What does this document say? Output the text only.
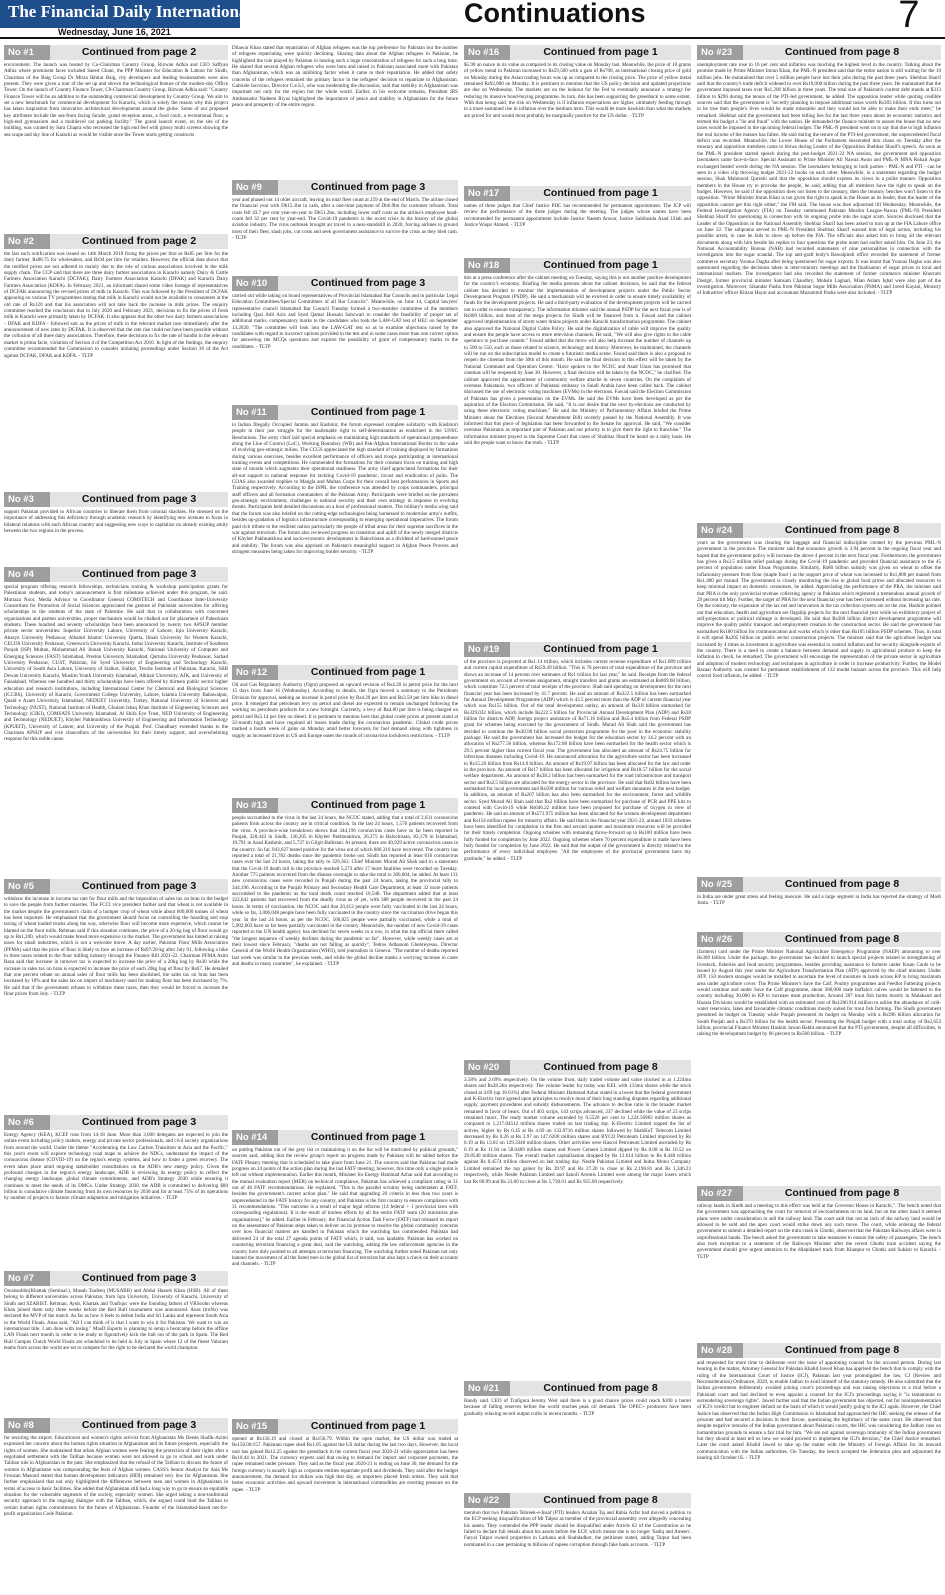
The Financial Daily International
Wednesday, June 16, 2021
Continuations	7
No #1	Continued from page 2
environment. The launch was hosted by Co-Chairman Country Group, Rizwan Adhia and CEO Saffyan Adhia where prominent faces included Saeed Ghani, the PPP Minister for Education & Labour for Sindh, Chairman of the Baig Group Dr Mirza Ikhtiar Baig, city developers and leading businessmen were also present. They were given a tour of the set up and shown the technological feature of the modern-day Office Tower. On the launch of Country Finance Tower, C0-Chairman Country Group, Rizwan Adhia said: "Country Finance Tower will be an addition to the outstanding commercial development by Country Group. We aim to set a new benchmark for commercial development for Karachi, which is solely the reason why this project has taken inspiration from innovative architectural developments around the globe. Some of our proposed key attributes include the sea-front facing facade, grand reception areas, a food court, a recreational floor, a high-end gymnasium and a multilevel car parking facility." The grand launch event, on the site of the building, was curated by Sara Chapra who recreated the high end feel with glossy multi screens showing the sea scape and sky line of Karachi as would be visible once the Tower starts getting constructs
No #2	Continued from page 2
the last such notification was issued on 14th March 2018 fixing the prices per litre as Rs85 per litre for the dairy farmer, Rs88.75 for wholesalers, and Rs94 per litre for retailers. However, the official data shows that the notified prices are not adhered to mainly due to the role of various associations involved in the milk supply chain. The CCP said that there are three dairy farmer associations in Karachi namely Dairy & Cattle Farmers Association Karachi (DCFAK); Dairy Farmers Association Karachi (DFAK) and Karachi Dairy Farmers Association (KDFA). In February 2021, an informant shared some video footage of representatives of DCFAK announcing the revised prices of milk in Karachi. This was followed by the President of DCFAK appearing on various TV programmes stating that milk in Karachi would not be available to consumers at the old rate of Rs120 and that his association will not take back the increase in milk prices. The enquiry committee reached the conclusion that in July 2020 and February 2021, decisions to fix the prices of fresh milk in Karachi were primarily taken by DCFAK. It also appears that the other two dairy farmers associations - DFAK and KDFA - followed suit as the prices of milk in the relevant market rose immediately after the announcement of new rates by DCFAK. It is observed that the rate rise could not have been possible without the collusion of all three dairy associations. Therefore, these decisions to fix the rate of bandhi in the relevant market is prima facie, violation of Section 4 of the Competition Act 2010. In light of the findings, the enquiry committee recommended the Commission to consider initiating proceedings under Section 30 of the Act against DCFAK, DFAK and KDFA. - TLTP
No #3	Continued from page 3
support Pakistan provided to African countries to liberate them from colonial shackles. He stressed on the importance of addressing this deficiency through academic research by identifying new avenues to focus in bilateral relations with each African country and suggesting new ways to capitalize on already existing amity between the two regions in the process.
No #4	Continued from page 3
special program offering research fellowships, technicians training & workshop participation grants for Palestinian students, and today's announcement is first milestone achieved under this program, he said. Murtaza Noor, Media Advisor to Coordinator General COMSTECH and Coordinator Inter-University Consortium for Promotion of Social Sciences appreciated the gesture of Pakistani universities for offering scholarships to the students of the state of Palestine. He said that in collaboration with concerned organizations and partner universities, proper mechanism would be chalked out for placement of Palestinian students. These hundred and seventy scholarships have been announced by twenty two APSUP member private sector universities: Superior University Lahore, University of Lahore, Iqra University Karachi, Abasyn University Peshawar, Alhamd Islamic University Quetta, Ilmah University for Women Karachi, CECOS University Peshawar, Greenwich University Karachi, Indus University Karachi, Institute of Southern Punjab (ISP) Multan, Mohammad Ali Jinnah University Karachi, National University of Computer and Emerging Sciences (FAST) Islamabad, Preston University Islamabad, Qurtuba University Peshawar, Sarhad University Peshawar, CUST, Pakistan, Sir Syed University of Engineering and Technology Karachi, University of South Asia Lahore, University of Sialkot, Sialkot, Textile Institute of Pakistan, Karachi, SBB Dewan University Karachi, Muslim Youth University Islamabad, Alkhair University, AJK, and University of Faisalabad. Whereas one hundred and thirty scholarships have been offered by thirteen public sector higher education and research institutions, including International Center for Chemical and Biological Sciences (ICCBS), University of Karachi, Government College University, Lahore, Islamia University Bahawalpur, Quaid e Azam University, Islamabad, NEDUET University, Turkey, National University of Sciences and Technology (NUST), National Institute of Health, Ghulam Ishaq Khan Institute of Engineering Sciences and Technology (GIKI), COMSATS University Islamabad, Al Shifa Eye Trust, NED University of Engineering and Technology (NEDUET), Khyber Pakhtunkhwa University of Engineering and Information Technology (KPUEIT), University of Lahore, and University of the Punjab. Prof. Chaudhary extended thanks to the Chairman APSUP and vice chancellors of the universities for their timely support, and overwhelming response for this noble cause.
No #5	Continued from page 3
withdraw the increase in income tax rate for flour mills and the imposition of sales tax on bran in the budget to save the people from further miseries. The FCCI vice president further said that wheat is not available in the market despite the government's claim of a bumper crop of wheat while about 600,000 tonnes of wheat has been imported. He emphasised that the government should focus on controlling the hoarding and stop taxing of wheat loaded trucks along the way, otherwise flour will become more expensive, which cannot be blamed on the flour mills. Rehman said if this situation continues, the price of a 20-kg bag of flour would go up to Rs1,200, which would make bread more expensive in the market. The government has hinted at raising taxes for small industries, which is not a welcome move. A day earlier, Pakistan Flour Mills Association (PFMA) said that the price of flour is likely to face an increase of Rs97/20-kg after July 01, following a hike in three taxes related to the flour milling industry through the Finance Bill 2021-22. Chairman PFMA Asim Raza said that increase in turnover tax is expected to increase the price of a 20kg bag by Rs30 while the increase in sales tax on bran is expected to increase the price of each 20kg bag of flour by Rs67. He detailed that one percent rebate on annual sales of flour mills has been abolished, the sales tax on bran has been increased by 10% and the sales tax on import of machinery used for making flour has been increased by 7%. He said that if the government refuses to withdraw these taxes, then they would be forced to increase the flour prices from July. - TLTP
No #6	Continued from page 3
Energy Agency (KEA), KCEF runs from 14-18 June. More than 3,000 delegates are expected to join the online event including policy makers, energy and private sector professionals, and civil society organizations from around the world. Under the theme "Accelerating the Low Carbon Transition in Asia and the Pacific," this year's event will explore technology road maps to achieve the NDCs, understand the impact of the coronavirus disease (COVID-19) on the region's energy systems, and how to foster a green recovery. The event takes place amid ongoing stakeholder consultations on the ADB's new energy policy. Given the profound changes in the region's energy landscape, ADB is reviewing its energy policy to reflect the changing energy landscape, global climate commitments, and ADB's Strategy 2030 while ensuring it continues to meet the needs of its DMCs. Under Strategy 2030, the ADB is committed to delivering $80 billion in cumulative climate financing from its own resources by 2030 and for at least 75% of its operations by number of projects to feature climate adaptation and mitigation initiatives. - TLTP
No #7	Continued from page 3
Owaisuddin(Khattak (Seminal.), Musab Taufeeq (MUSABB) and Abdul Hasseb Khan (HSB). All of them belong to different universities across Pakistan, from Iqra University, University of Karachi, University of Sindh and SZABIST. Rehman, Ayub, Khattak and Toufiquc were the founding fathers of VRSoobn whereas Khan joined them only three weeks before the Red Bull tournament was announced. Anas (trnNs) was declared the MVP of the match. As far as how it feels to defeat India and Sri Lanka and represent South Asia in the World Finals, Anas said, "All I can think of is that I want to win it for Pakistan. We want to win an international title. I am done with losing." MasD Esports is planning to setup a bootcamp before the offline LAN Finals next month in order to be ready to figuratively kick the ball out of the park in Spain. The Red Bull Campus Clutch World Finals are scheduled to be held in July in Spain where 12 of the finest Valorant teams from across the world are set to compete for the right to be declared the world champion.
No #8	Continued from page 3
for securing the airport. Educationist and women's rights activist from Afghanistan Ms Deeda Shafik-Azimi expressed her concern about the human rights situation in Afghanistan and its future prospects, especially the rights of women. She maintained that urban Afghan women were fearing the protection of their rights after a negotiated settlement with the Taliban because women were not allowed to go to school and work under Taliban rule in Afghanistan in the past. She emphasized that the refusal of the Taliban to discuss the future of women in Afghanistan was compounding the fears of Afghan women. CASS's Senior Analyst for Asia Ms Frouzan Masoud stated that human development indicators (HDI) remained very low for Afghanistan. She further emphasized that not only highlighted the differences between men and women in Afghanistan in terms of access to basic facilities. She added that Afghanistan still had a long way to go to ensure an equitable situation for the vulnerable segments of the society, especially women. She urged taking a non-traditional security approach to the ongoing dialogue with the Taliban, which, she argued could bind the Taliban to certain human rights commitments for the future of Afghanistan. Founder of the Islamabad-based not-for-profit organization Code Pakistan
Dilawar Khan stated that repatriation of Afghan refugees was the top preference for Pakistan but the number of refugees repatriating were quickly declining. Sharing data about the Afghan refugees in Pakistan, he highlighted the role played by Pakistan in hosting such a large concentration of refugees for such a long time. He shared that several Afghan refugees who were born and raised in Pakistan associated more with Pakistan than Afghanistan, which was an inhibiting factor when it came to their repatriation. He added that safety concerns of the refugees remained the primary factor in the refugees' decision to repatriate to Afghanistan. Gabriele Iacovino, Director C.e.S.I, who was moderating the discussion, said that stability in Afghanistan was important not only for the region but the whole world. Earlier, in his welcome remarks, President IRS Ambassador Nadeem Riyaz highlighted the importance of peace and stability in Afghanistan for the future peace and prosperity of the entire region.
No #9	Continued from page 3
year and phased out 14 older aircraft, leaving its total fleet count at 259 at the end of March. The airline closed the financial year with Db15.1bn in cash, after a one-time payment of Dh6.9bn for customer refunds. Total costs fell 43.7 per cent year-on-year to Dh51.2bn, including lower staff costs as the airline's employee head-count fell 32 per cent by year-end. The Covid-19 pandemic is the worst crisis in the history of the global aviation industry. The virus outbreak brought air travel to a near-standstill in 2020, forcing airlines to ground most of their fleet, slash jobs, cut costs and seek government assistance to survive the crisis as they bled cash. - TLTP
No #10	Continued from page 3
carried out while taking on board representatives of Provincial Islamabad Bar Councils and in particular Legal Education Committees/Special Committees of all Bar Councils". Meanwhile, on June 14, Capital lawyers' representative council Islamabad Bar Council Tuesday formed a two-member committee of the members including Qazi Adil Aziz and Syed Qamar Hussain Sabzwari to consider the feasibility of proper set of additional marks, compensatory marks to the candidates who took the LAW-GAT test of HEC on September 13,2020. "The committee will look into the LAW-GAT test so as to examine objections raised by the candidates with regard to incorrect options provided in the test and in some cases more than one correct option for answering the MCQs questions and explore the possibility of grant of compensatory marks to the candidates. - TLTP
No #11	Continued from page 1
in Indian Illegally Occupied Jammu and Kashmir, the forum expressed complete solidarity with Kashmiri people in their just struggle for the inalienable right to self-determination as enshrined in the UNSC Resolutions. The army chief laid special emphasis on maintaining high standards of operational preparedness along the Line of Control (LoC), Working Boundary (WB) and Pak-Afghan International Border in the wake of evolving geo-strategic milieu. The CCGS appreciated the high standard of training displayed by formations during various exercises, besides excellent performance of officers and troops participating in international training events and competitions. He commended the formations for their constant focus on training and high state of morale which augments their operational readiness. The army chief appreciated formations for their all-out support to national response for tackling Covid-19 pandemic, locust and eradication of polio. The COAS also awarded trophies to Mangla and Multan Corps for their overall best performances in Sports and Training respectively. According to the ISPR, the conference was attended by corps commanders, principal staff officers and all formation commanders of the Pakistan Army. Participants were briefed on the prevalent geo-strategic environment, challenges to national security and their own strategy in response to evolving threats. Participants held detailed discussions on a host of professional matters. The military's media wing said that the forum was also briefed on the cutting-edge technologies being harnessed to modernise army's outfits, besides up-gradation of logistics infrastructure corresponding to emerging operational imperatives. The forum paid rich tribute to the resilient nation particularly the people of tribal areas for their supreme sacrifices in the war against terrorism. The forum also reviewed progress on transition and uplift of the newly merged districts of Khyber Pakhtunkhwa and socio-economic development in Balochistan as a dividend of hard-earned peace and stability. The forum was also apprised on Pakistan's meaningful support to Afghan Peace Process and stringent measures being taken for improving border security. - TLTP
No #12	Continued from page 1
Oil and Gas Regulatory Authority (Ogra) proposed an upward revision of Rs4.20 in petrol price for the next 15 days from June 16 (Wednesday). According to details, the Ogra moved a summary to the Petroleum Division for approval, seeking an increase in petrol price by Rs4.20 per litre and Rs3.50 per litre hike in diesel price. It emerged that petroleum levy on petrol and diesel are expected to remain unchanged following the working on petroleum products for a new fortnight. Currently, a levy of Rs4.80 per litre is being charged on petrol and Rs5.14 per litre on diesel. It is pertinent to mention here that global crude prices at present stand at 32-month high and have regained all losses made during the coronavirus pandemic. Global crude prices marked a fourth week of gains on Monday amid better forecasts for fuel demand along with tightness in supply as increased travel in US and Europe eases the rounds of coronavirus lockdown restrictions. - TLTP
No #13	Continued from page 1
people succumbed to the virus in the last 24 hours, the NCOC stated, adding that a total of 2,631 coronavirus patients from across the country are in critical condition. In the last 24 hours, 1,576 patients recovered from the virus. A province-wise breakdown shows that 344,196 coronavirus cases have so far been reported in Punjab, 328,443 in Sindh, 136,205 in Khyber Pakhtunkhwa, 26,275 in Balochistan, 82,170 in Islamabad, 19,791 in Azad Kashmir, and 5,727 in Gilgit-Baltistan. At present, there are 40,929 active coronavirus cases in the country. So far, 943,627 tested positive for the virus out of which 880,316 have recovered. The country has reported a total of 21,782 deaths since the pandemic broke out. Sindh has reported at least 616 coronavirus cases over the last 24 hours, taking the tally to 329,362. Chief Minister Murad Ali Shah said in a statement that the Covid-19 death toll in the province reached 5,273 after 17 more fatalities were recorded on Tuesday. Another 775 patients recovered from the disease overnight to take the total to 300,804, he added. At least 131 new coronavirus cases were recorded in Punjab during the past 24 hours, taking the provincial tally to 344,196. According to the Punjab Primary and Secondary Health Care Department, at least 32 more patients succumbed to the pandemic as the total death count reached 10,548. The department added that at least 322,642 patients had recovered from the deadly virus as of yet, with 388 people recovered in the past 24 hours. In terms of vaccination, the NCOC said that 20,412 people were fully vaccinated in the last 24 hours, while so far, 3,006,048 people have been fully vaccinated in the country since the vaccination drive began this year. In the last 24 hours, as per the NCOC, 568,825 people were partially vaccinated, while a total of 5,902,003 have so far been partially vaccinated in the country. Meanwhile, the number of new Covid-19 cases reported to the UN health agency has declined for seven weeks in a row, in what the top official there called "the longest sequence of weekly declines during the pandemic so far". However, while weekly cases are at their lowest since February, "deaths are not falling as quickly", Tedros Adhanom Ghebreyesus, Director General of the World Health Organization (WHO), told journalists in Geneva. "The number of deaths reported last week was similar to the previous week, and while the global decline masks a worrying increase in cases and deaths in many countries", he explained. - TLTP
No #14	Continued from page 1
on putting Pakistan out of the grey list or maintaining it on the list will be motivated by political grounds," sources said, adding that the review group's report on progress made by Pakistan will be tabled before the FATF Plenary meeting that is scheduled to take place from June 21. The sources said that Pakistan had made progress on 24 points of the action plan during the last FATF meeting; however, this time only a single point is left out without implementation. Earlier this month, Minister for Energy Hammad Azhar said that according to the mutual evaluation report (MER) on technical compliance, Pakistan has achieved a compliant rating in 31 out of 40 FATF recommendations. He explained, "This is the parallel scrutiny being undertaken at FATF, besides the government's current action plan." He said that upgrading 20 criteria in less than two years is unprecedented in the FATF history for any country, and Pakistan is the first country to ensure compliance with 31 recommendations. "This outcome is a result of major legal reforms (14 federal + 1 provincial laws with corresponding regulations). It is the result of tireless efforts by all the entire FATF team (20 ministries plus organisations)," he added. Earlier in February, the Financial Action Task Force (FATF) had released its report on the assessment of Pakistan steps taken to deliver on its promise to resolve the global community concerns over how financial matters are handled in Pakistan which the watchdog has commended. Pakistan had delivered 24 of the total 27 agenda points of FATF which, it said, was laudable. Pakistan has worked on countering terrorism financing a great deal, said the watchdog, adding the law enforcement agencies in the country have duly pointed to all attempts at terrorism financing. The watchdog further noted Pakistan not only banned the movement of all the listed men in the global list of terrorists but also kept a check on their accounts and channels. - TLTP
No #15	Continued from page 1
opened at Rs156.19 and closed at Rs156.79. Within the open market, the US dollar was traded at Rs156.00/157. Pakistani rupee shed Rs1.05 against the US dollar during the last two days. However, the local unit has gained Rs12.25 against the greenback in the current fiscal year 2020-21 while appreciation has been Rs10.44 in 2021. The currency experts said that owing to demand for import and corporate payments, the rupee remained under pressure. They said as the fiscal year 2020-21 is ending on June 30, the demand for the foreign currency is usually high as corporate entities repatriate profit and dividends. They said after the budget announcement, the demand for dollars was high that day, as importers placed fresh orders. They said that better economic activities and upward movement in international commodities are exerting pressure on the rupee. - TLTP
No #16	Continued from page 1
$5.90 an ounce in its value as compared to its closing value on Monday last. Meanwhile, the price of 10 grams of yellow metal in Pakistan increased to Rs59,500 with a gain of Rs700, as international closing price of gold on Monday during the Asian trading hours was up as compared to the closing price. The price of yellow metal remained Rs92,800 on Monday. It is pertinent to mention that the US policy decision and updated projections are due on Wednesday. The markets are on the lookout for the Fed to eventually announce a strategy for reducing its massive bond-buying programme. In turn, this has been supporting the greenback to some extent. With that being said, the risk on Wednesday is if inflation expectations are higher, ultimately feeding through to a more sustained rise in inflation over the medium term. This would be more hawkish than what the markets are priced for and would most probably be marginally positive for the US dollar. - TLTP
No #17	Continued from page 1
names of three judges that Chief Justice PHC has recommended for permanent appointment. The JCP will review the performance of the three judges during the meeting. The judges whose names have been recommended for permanent appointment include Justice Naeem Anwar, Justice Sahibzada Asad Ullah and Justice Waqar Ahmed. - TLTP
No #18	Continued from page 1
this at a press conference after the cabinet meeting on Tuesday, saying this is not another positive development for the country's economy. Briefing the media persons about the cabinet decisions, he said that the federal cabinet has decided to monitor the implementation of development projects under the Public Sector Development Program (PSDP). He said a mechanism will be evolved in order to ensure timely availability of funds for the development projects. He said a third-party evaluation of the development projects will be carried out in order to ensure transparency. The information minister said the annual PSDP for the next fiscal year is of Rs900 billion, and most of the mega projects for Sindh will be financed from it. Fawad said the cabinet approved implementation of storm water drains projects under Karachi transformation programme. The cabinet also approved the National Digital Cable Policy. He said the digitalization of cable will improve the quality and ensure the people have access to more television channels. He said, "We will also give rights to the cable operators to purchase content." Fawad added that the move will also help increase the number of channels up to 500 to 550, such as those related to science, technology and history. Moreover, he maintained, the channels will be run on the subscription model to create a futuristic media scene. Fawad said there is also a proposal to reopen the cinemas from the 30th of this month. He said the final decision to this effect will be taken by the National Command and Operation Centre. "Have spoken to the NCOC and Asad Umar has promised that cinemas will be reopened by June 30. However, a final decision will be taken by the NCOC," he clarified. The cabinet approved the appointment of community welfare attache in seven countries. On the complaints of overseas Pakistanis, two officers of Pakistani embassy in Saudi Arabia have been called back. The cabinet discussed the use of electronic voting machines (EVMs) in the elections. Fawad said the Election Commission of Pakistan has given a presentation on the EVMs. He said the EVMs have been developed as per the aspiration of the Election Commission. He said, "It is our desire that the next by-elections are conducted by using these electronic voting machines." He said the Ministry of Parliamentary Affairs briefed the Prime Minister about the Elections (Second Amendment Bill) recently passed by the National Assembly. It was informed that this piece of legislation has been forwarded to the Senate for approval. He said, "We consider overseas Pakistanis as important part of Pakistan and our priority is to give them the right to franchise." The information minister prayed to the Supreme Court that cases of Shahbaz Sharif be heard on a daily basis. He said the people want to know the truth. - TLTP
No #19	Continued from page 1
of the province is projected at Rs1.14 trillion, which includes current revenue expenditure of Rs1.089 trillion and current capital expenditure of Rs59.49 billion. "This is 78 percent of total expenditure of the province and shows an increase of 14 percent over estimates of Rs1 trillion for last year," he said. Receipts from the federal government on account of revenue assignment, straight transfers and grants are estimated at Rs869.68 billion, which constitute 72.5 percent of total receipts of the province. Shah said spending on development for the next financial year has been increased by 41.7 percent. He said an amount of Rs222.5 billion has been earmarked for Annual Development Programme (ADP) which is 43.5 percent more than the ADP of current financial year which was Rs155 billion. Out of the total development outlay, an amount of Rs3.8 billion earmarked for Rs329.032 billion, which include Rs222.5 billion for Provincial Annual Development Plan (ADP) and Rs30 billion for districts ADP, foreign project assistance of Rs71.16 billion and Rs5.4 billion from Federal PSDP grant for schemes being executed by the government of Sindh. Murad Ali Shah said the government has decided to continue the Rs30.90 billion social protection programme for the poor in the economic stability package. He said the government has increased the budget for the education sector by 14.2 percent with an allocation of Rs277.56 billion, whereas Rs172.08 billion have been earmarked for the health sector which is 29.5 percent higher than current fiscal year. The government has allocated an amount of Rs24.75 billion for infectious diseases including Covid-19. He announced allocation for the agriculture sector has been increased to Rs15.26 billion from Rs14.8 billion. An amount of Rs19.97 billion has been allocated for the law and order in the province. An amount of Rs17 billion has been allocated for irrigation and Rs18.57 billion for the social welfare department. An amount of Rs38.2 billion has been earmarked for the road infrastructure and transport sector and Rs2.5 billion are allocated for the energy sector in the province. He said that Rs82 billion have been earmarked for local government and Rs500 million for various relief and welfare measures in the next budget. In addition, an amount of Rs207 billion has also been earmarked for the environment, forest and wildlife sector. Syed Murad Ali Shah said that Rs2 billion have been earmarked for purchase of PCR and PPE kits to contend with Covid-19 while Rs646.22 million have been proposed for purchase of oxygen in view of pandemic. He said an amount of Rs571.975 million has been allocated for the women development department and Rs154 million rupees for minority affairs. He said that in the financial year 2021-22, around 1033 schemes have been identified for completion in the first and second quarter and maximum resources will be provided for their timely completion. Ongoing schemes with remaining throw-forward up to Rs100 million have been fully funded for completion by June 2022. Ongoing schemes where 70 percent expenditure is made have been fully funded for completion by June 2022. He said that the output of the government is directly related to the performance of every individual employee. "All the employees of the provincial government have my gratitude," he added. - TLTP
No #20	Continued from page 8
3.58% and 2.69% respectively. On the volume front, daily traded volume and value clocked in at 1.224mn shares and Rs28.2bn respectively. The volume leader for today was KEL with 133mn shares while the stock closed at 4.69 (up 16.61%) after Federal Minister Hammad Azhar stated in a tweet that the federal government and K-Electric have agreed upon principles to resolve most of their long standing disputes regarding additional supply, payment procedures and subsidy disbursements. The advance to decline ratio in the broader market remained in favor of bears. Out of 403 scrips, 143 scrips advanced, 237 declined while the value of 23 scrips remained intact. The ready market volume ascended by 0.5520 per cent to 1,224.56983 million shares as compared to 1,217.84512 million shares traded on last trading day. K-Electric Limited topped the list of actives, higher by Rs 0.45 at Rs 4.69 on 133.9716 million shares followed by ShahKoT Telecom Limited decreased by Rs 0.26 at Rs 3.97 on 147.6200 million shares and BYCO Petroleum Limited improved by Rs 0.19 at Rs 13.02 on 129.3340 million shares. Other activities were Hascol Petroleum Limited ascended by Rs 0.19 at Rs 11.94 on 58.0489 million shares and Power Cement Limited dipped by Rs 0.08 at Rs 10.52 on 29.8540 million shares. The overall market capitalization dropped by Rs 12.614 billion to Rs 8.448 trillion against Rs 8.4574 trillion observed on last trading day. Nestle Pakistan Limited and Indus Motor Company Limited remained the top gainer by Rs 39.97 and Rs 27.20 to close at Rs 2,196.81 and Rs 1,346.23 respectively, while Nestle Pakistan Limited and Sanofi Aventis Limited were among the major losers which lost Rs 68.99 and Rs 23.00 to close at Rs 5,730.01 and Rs 955.00 respectively.
No #21	Continued from page 8
Handy said. CEO of Trafigura Jeremy Weir said there is a good chance prices could reach $100 a barrel because of falling reserves before the world reaches peak oil demand. The OPEC+ producers have been gradually relaxing record output curbs in recent months. - TLTP
No #22	Continued from page 8
mention that two Pakistan Tehreek-e-Insaf (PTI) leaders Arsalan Taj and Rabia Azfar had moved a petition in the ECP seeking disqualification of Mr Talpur as member of the provincial assembly over allegedly concealing his assets. They contended the PPP leader should be disqualified under Article 62 of the Constitution as he failed to declare full details about his assets before the ECP, which means she is no longer 'Sadiq and Ameen'. Faryal Talpur owned properties in Larkana and Shahdadkot, the petitioner stated, adding Talpur had been nominated in a case pertaining to billions of rupees corruption through fake bank accounts. - TLTP
No #23	Continued from page 8
unemployment rate rose to 16 per cent and inflation was touching the highest level in the country. Talking about the promise made by Prime Minister Imran Khan, the PML-N president said that the entire nation is still waiting for the 10 million jobs. He maintained that over 5 million people have lost their jobs during the past three years. Shehbaz Sharif said that the country's trade deficit widened to over Rs10,000 billion during the past three years. He maintained that the government imposed taxes over Rs1,200 billion in three years. The total size of Pakistan's current debt stands at $313 billion to $296 during the tenure of the PTI-led government, he added. The opposition leader while quoting credible sources said that the government is "secretly planning to impose additional taxes worth Rs383 billion. If this turns out to be true then people's lives would be made miserable and they would not be able to make their ends meet," he remarked. Shehbaz said the government had been telling lies for the last three years about its economic statistics and termed the budget a "lie and fraud" with the nation. He demanded the finance minister to assure the house that no new taxes would be imposed in the upcoming federal budget. The PML-N president went on to say that due to high inflation the real income of the masses has fallen. He said during the tenure of the PTI-led government, the unprecedented fiscal deficit was recorded. Meanwhile, the Lower House of the Parliament descended into chaos on Tuesday after the treasury and opposition members came to blows during Leader of the Opposition Shehbaz Sharif's speech. As soon as the PML-N president started speech during the post-budget 2021-22 NA session, the government and opposition lawmakers came face-to-face. Special Assistant to Prime Minister Ali Nawaz Awan and PML-N MNA Rohail Asgar exchanged heated words during the NA session. The lawmakers belonging to both parties - PML-N and PTI - can be seen in a video clip throwing budget 2021-22 books on each other. Meanwhile, in a statement regarding the budget session, Shah Mahmood Qureshi said that the opposition should express its views in a polite manner. Opposition members in the House try to provoke the people, he said, adding that all members have the right to speak on the budget. However, he said if the opposition does not listen to the treasury, then the treasury benches won't listen to the opposition. "Prime Minister Imran Khan is not given the right to speak in the House as its leader, then the leader of the opposition cannot get this right either," the FM said. The house was then adjourned till Wednesday. Meanwhile, the Federal Investigation Agency (FIA) on Tuesday summoned Pakistan Muslim League-Nawaz (PML-N) President Shehbaz Sharif for questioning in connection with its ongoing probe into the sugar scam. Sources disclosed that the Leader of the Opposition in the National Assembly Shehbaz Sharif has been asked to turn up at the FIA Lahore office on June 22. The subpoena served to PML-N President Shehbaz Sharif warned him of legal action, including his possible arrest, in case he fails to show up before the FIA. The officials also asked him to bring all the relevant documents along with him beside his replies to four questions the probe team had earlier asked him. On June 23, the National Accountability Bureau (NAB) had recorded statements of nine personalities in connection with the investigation into the sugar scandal. The top anti-graft body's Rawalpindi office recorded the statement of former commerce secretary Younus Dagha after being questioned for sugar exports. It was learnt that Younus Dagha was also questioned regarding the decisions taken in inter-ministry meetings and the finalisation of sugar prices in local and international markets. The investigators had also recorded the statement of former commerce minister Khurram Dastgir, former provincial minister Samsam Chaudhry, Mohsin Laghari, Mian Aslam Iqbal were also part of the investigation. Moreover, Sikandar Pasha from Pakistan Sugar Mills Association (PSMA) and Javed Kayani, Ministry of Industries' officer Khizar Hayat and accountant Muzammil Pasha were also included. - TLTP
No #24	Continued from page 8
years as the government was clearing the baggage and financial indiscipline created by the previous PML-N government in the province. The minister said that economic growth is 3.94 percent in the ongoing fiscal year and hoped that the government policy will increase the above 4 percent in the next fiscal year. Furthermore, the government has given a Rs3.5 million relief package during the Covid-19 pandemic and provided financial assistance to the 45 percent of population under Ehsas Programme. Similarly, Rs80 billion subsidy was given on wheat to offset the inflationary pressure from flour (staple food ) as the support price of wheat was increased to Rs1,800 per maund from Rs1,400 per maund. The government is closely monitoring the rise in global food prices and allocated resources to keep minimal impact on domestic consumers, he added. Appreciating the performance of the PRA, the minister said that PRA is the only provincial revenue collecting agency in Pakistan which registered a tremendous annual growth of 29 percent till May. Further, the target of PRA for the next financial year has been increased without increasing tax rate. On the contrary, the expansion of the tax net and innovation in the tax collection system are on the rise. Hashim pointed out that education, health and agriculture are flagship projects for the next financial year while no exhibitory project of self-projections or political mileage is developed. He said that Rs360 billion district development programme will improve the quality public transport and employment creation in the construction sector. He said the government has earmarked Rs100 billion for communication and works which is other than Rs105 billion PSDP schemes. Thus, in total it will spend Rs205 billion on public sector construction projects. The minister said that the agriculture budget was increased by 4 times as investment in agriculture was essential to control inflation and for security alongside exports of the country. There is a need to create a balance between demand and supply in agricultural produce to keep the inflation in check, he remarked. The government will encourage the representation of the private sector in agriculture and adoption of modern technology and techniques in agriculture in order to increase productivity. Further, the Model Bazaar Authority was created for permanent establishment of 132 model bazaars across the province. This will help control food inflation, he added. - TLTP
No #25	Continued from page 8
in India are under great stress and feeling insecure. He said a large segment in India has rejected the strategy of Modi Junta. - TLTP
No #26	Continued from page 8
(farmers) card under the Prime Minister National Agriculture Emergency Programme (NAEP) amounting to over Rs309 billion. Under the package, the government has decided to launch special projects related to strengthening of livestock, fisheries and food security programmes, besides providing assistance to farmers under Kisan Cards to be issued by August this year under the Agriculture Transformation Plan (ATP) approved by the chief minister. Under ATP, 150 modern storages would be installed to ascertain the level of moisture in lands across KP to bring maximum area under agriculture cover. The Prime Minister's Save the Calf, Poultry programmes and Feedlot Fattening projects would continue and under Save the Calf programme, about 380,000 male buffalo's calves would be fattened in the country including 30,000 in KP to increase meat production. Around 287 trout fish farms mostly in Malakand and Hazara Divisions would be established with an estimated cost of Rs1286.914 million to utilise the abundance of cold-water reservoirs, lakes and favourable climatic conditions mostly suited for trout fish farming. The Sindh government presented its budget on Tuesday while Punjab presented its budget on Monday with a Rs396 billion allocation for South Punjab and a Rs370 billion for the health sector. Presenting the Punjab budget with a total outlay of Rs2,653 billion, provincial Finance Minister Hashim Jawan Bakht announced that the PTI government, despite all difficulties, is raising the development budget by 66 percent to Rs560 billion. - TLTP
No #27	Continued from page 8
railway lands in Sindh and a meeting to this effect was held at the Governor House in Karachi,". The bench noted that the government was approaching the court for removal of encroachments on its land, but on the other hand it seemed plans were under consideration to sell the railway land. The court said that not an inch of the railway land would be allowed to be sold and the apex court would strike down any such move. The court, while ordering the federal government to submit a detailed report on the train crash in Ghotki, observed that the Pakistan Railways affairs were in unprofessional hands. The bench asked the government to take measures to ensure the safety of passengers. The bench also took exception to a statement of the Railways Minister after the recent Ghotki train accident saying the government should give urgent attention to the dilapidated track from Khanpur to Ghotki and Sukkur to Karachi. - TLTP
No #28	Continued from page 8
and requested for more time to deliberate over the issue of appointing counsel for the accused person. During last hearing in the matter, Attorney General for Pakistan Khalid Jawed Khan has apprised the bench that to comply with the ruling of the International Court of Justice (ICJ), Pakistan last year promulgated the law, CJ (Review and Reconsideration) Ordinance, 2020, to enable Jadhav to avail himself of the statutory remedy. He also submitted that the Indian government deliberately avoided joining court's proceedings and was raising objections to a trial before a Pakistani court and had declined to even appoint a counsel for the ICJ's proceedings saying it "is tantamount to surrendering sovereign rights". Jawed further said that the Indian government has objected, not for nonimplementation of ICJ's verdict but to engineer default on the basis of which it would justify going to the ICJ again. However, the Chief Justice has observed that the Indian High Commission in Islamabad had approached the IHC seeking the release of the prisoner and had secured a decision in their favour, questioning the legitimacy of the same court. He observed that despite negative remarks of the Indian government about Pakistani courts, the IHC was considering the Jadhav case on humanitarian grounds to ensure a fair trial for him. "We are not against sovereign immunity of the Indian government but they should at least tell us how we would proceed to implement the ICJ's decision," the Chief Justice remarked. Later the court asked Khalid Jawed to take up the matter with the Ministry of Foreign Affairs for its onward communication with the Indian authorities. On Tuesday, the bench accepted the federation plea and adjourned the hearing till October 05. - TLTP
